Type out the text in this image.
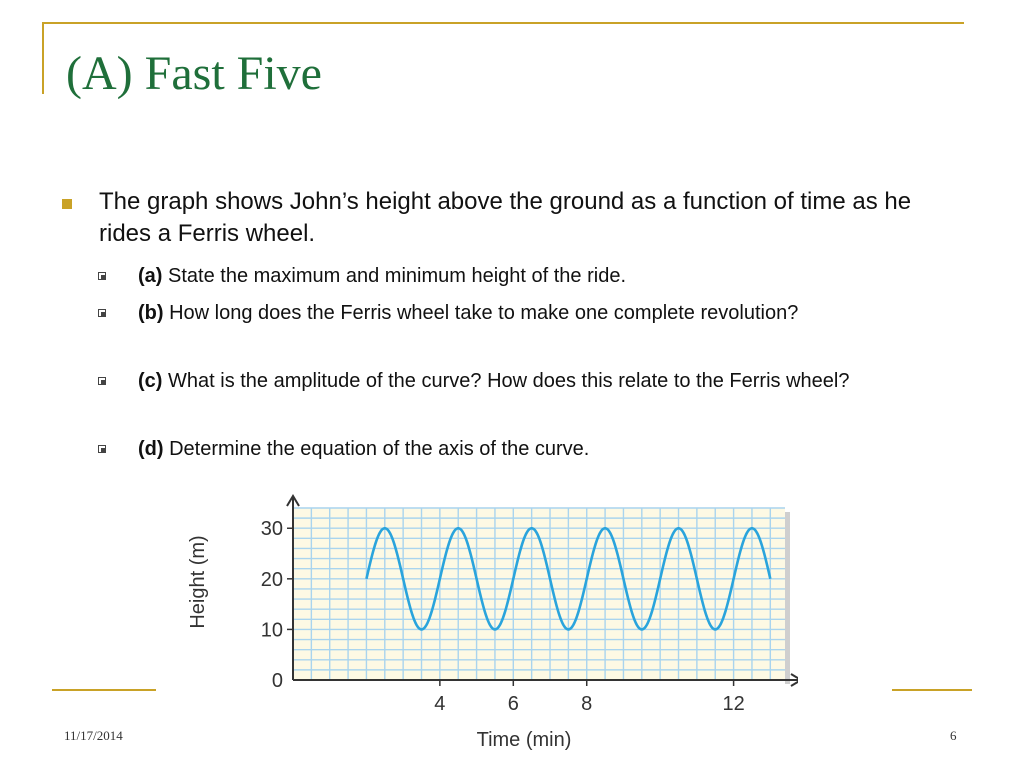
(A) Fast Five
The graph shows John’s height above the ground as a function of time as he rides a Ferris wheel.
(a) State the maximum and minimum height of the ride.
(b) How long does the Ferris wheel take to make one complete revolution?
(c) What is the amplitude of the curve? How does this relate to the Ferris wheel?
(d) Determine the equation of the axis of the curve.
0
10
20
30
4	6	8	12
Time (min)
Height (m)
11/17/2014	6
